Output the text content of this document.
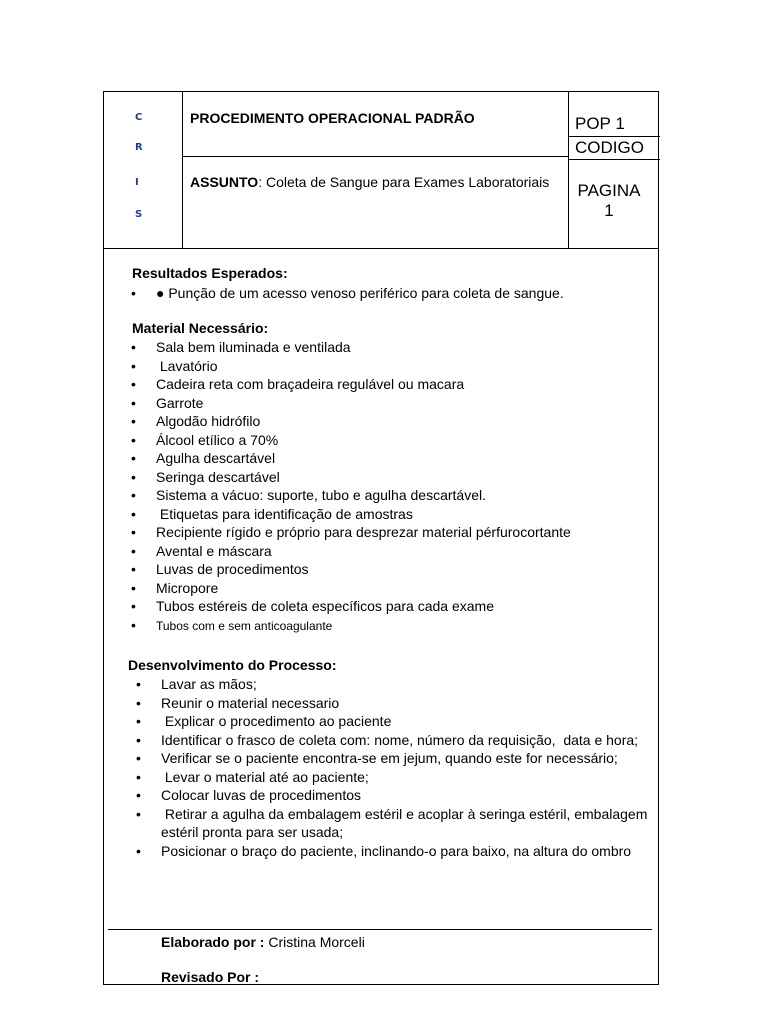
C
R
I
S
PROCEDIMENTO OPERACIONAL PADRÃO
ASSUNTO: Coleta de Sangue para Exames Laboratoriais
POP 1
CODIGO
PAGINA
1
Resultados Esperados:
• ● Punção de um acesso venoso periférico para coleta de sangue.
Material Necessário:
• Sala bem iluminada e ventilada
• Lavatório
• Cadeira reta com braçadeira regulável ou macara
• Garrote
• Algodão hidrófilo
• Álcool etílico a 70%
• Agulha descartável
• Seringa descartável
• Sistema a vácuo: suporte, tubo e agulha descartável.
• Etiquetas para identificação de amostras
• Recipiente rígido e próprio para desprezar material pérfurocortante
• Avental e máscara
• Luvas de procedimentos
• Micropore
• Tubos estéreis de coleta específicos para cada exame
• Tubos com e sem anticoagulante
Desenvolvimento do Processo:
• Lavar as mãos;
• Reunir o material necessario
• Explicar o procedimento ao paciente
• Identificar o frasco de coleta com: nome, número da requisição,  data e hora;
• Verificar se o paciente encontra-se em jejum, quando este for necessário;
• Levar o material até ao paciente;
• Colocar luvas de procedimentos
• Retirar a agulha da embalagem estéril e acoplar à seringa estéril, embalagem estéril pronta para ser usada;
• Posicionar o braço do paciente, inclinando-o para baixo, na altura do ombro
Elaborado por : Cristina Morceli
Revisado Por :
